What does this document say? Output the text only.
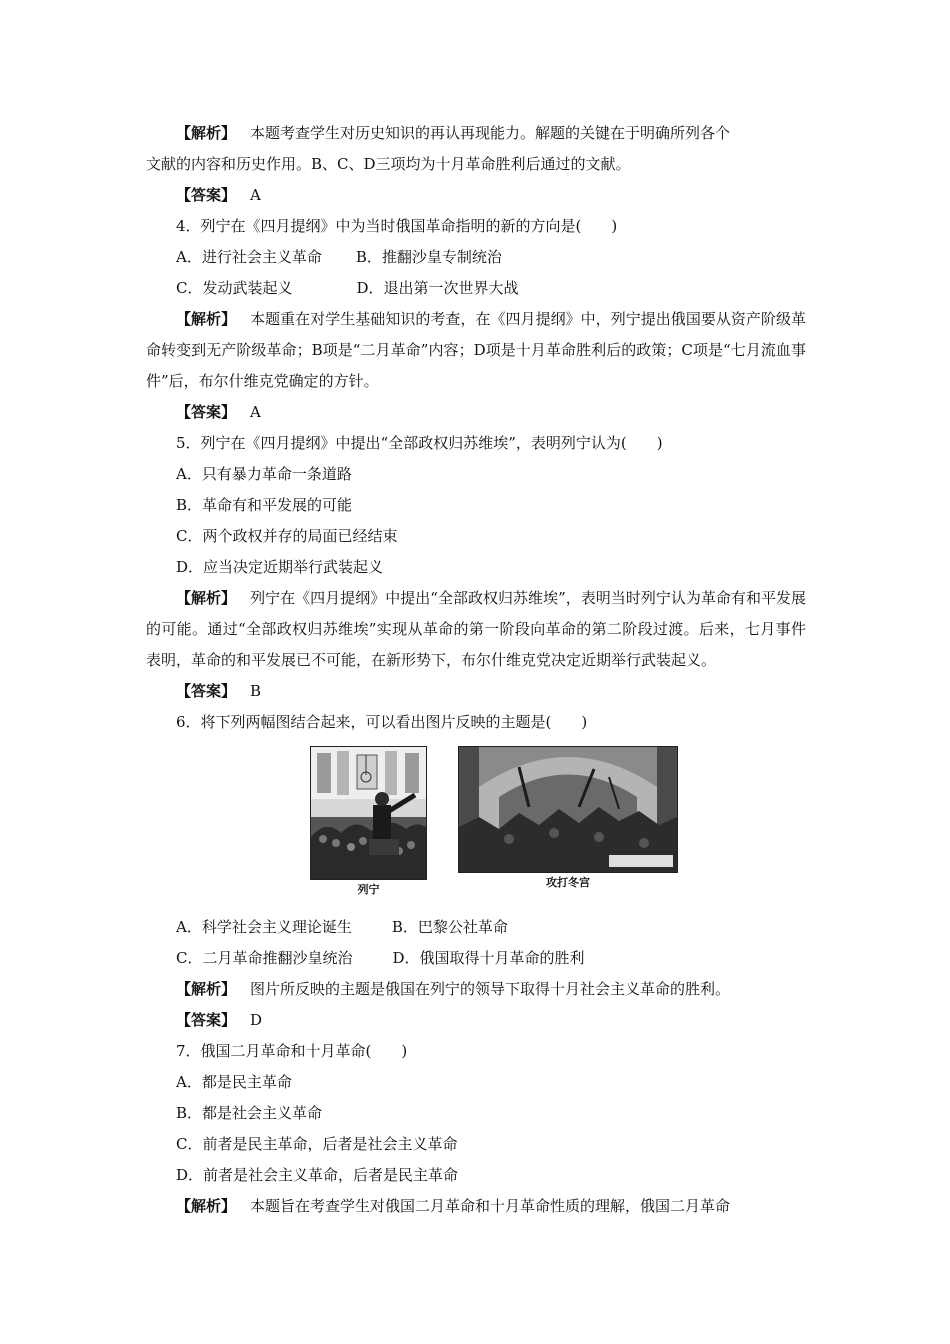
【解析】 本题考查学生对历史知识的再认再现能力。解题的关键在于明确所列各个

文献的内容和历史作用。B、C、D三项均为十月革命胜利后通过的文献。

【答案】 A

4．列宁在《四月提纲》中为当时俄国革命指明的新的方向是(　　)

A．进行社会主义革命 B．推翻沙皇专制统治

C．发动武装起义	D．退出第一次世界大战

【解析】 本题重在对学生基础知识的考查，在《四月提纲》中，列宁提出俄国要从资产阶级革命转变到无产阶级革命；B项是“二月革命”内容；D项是十月革命胜利后的政策；C项是“七月流血事件”后，布尔什维克党确定的方针。

【答案】 A

5．列宁在《四月提纲》中提出“全部政权归苏维埃”，表明列宁认为(　　)

A．只有暴力革命一条道路

B．革命有和平发展的可能

C．两个政权并存的局面已经结束

D．应当决定近期举行武装起义

【解析】 列宁在《四月提纲》中提出“全部政权归苏维埃”，表明当时列宁认为革命有和平发展的可能。通过“全部政权归苏维埃”实现从革命的第一阶段向革命的第二阶段过渡。后来，七月事件表明，革命的和平发展已不可能，在新形势下，布尔什维克党决定近期举行武装起义。

【答案】 B

6．将下列两幅图结合起来，可以看出图片反映的主题是(　　)

列宁
攻打冬宫

A．科学社会主义理论诞生	B．巴黎公社革命

C．二月革命推翻沙皇统治	D．俄国取得十月革命的胜利

【解析】 图片所反映的主题是俄国在列宁的领导下取得十月社会主义革命的胜利。

【答案】 D

7．俄国二月革命和十月革命(　　)

A．都是民主革命

B．都是社会主义革命

C．前者是民主革命，后者是社会主义革命

D．前者是社会主义革命，后者是民主革命

【解析】 本题旨在考查学生对俄国二月革命和十月革命性质的理解，俄国二月革命
